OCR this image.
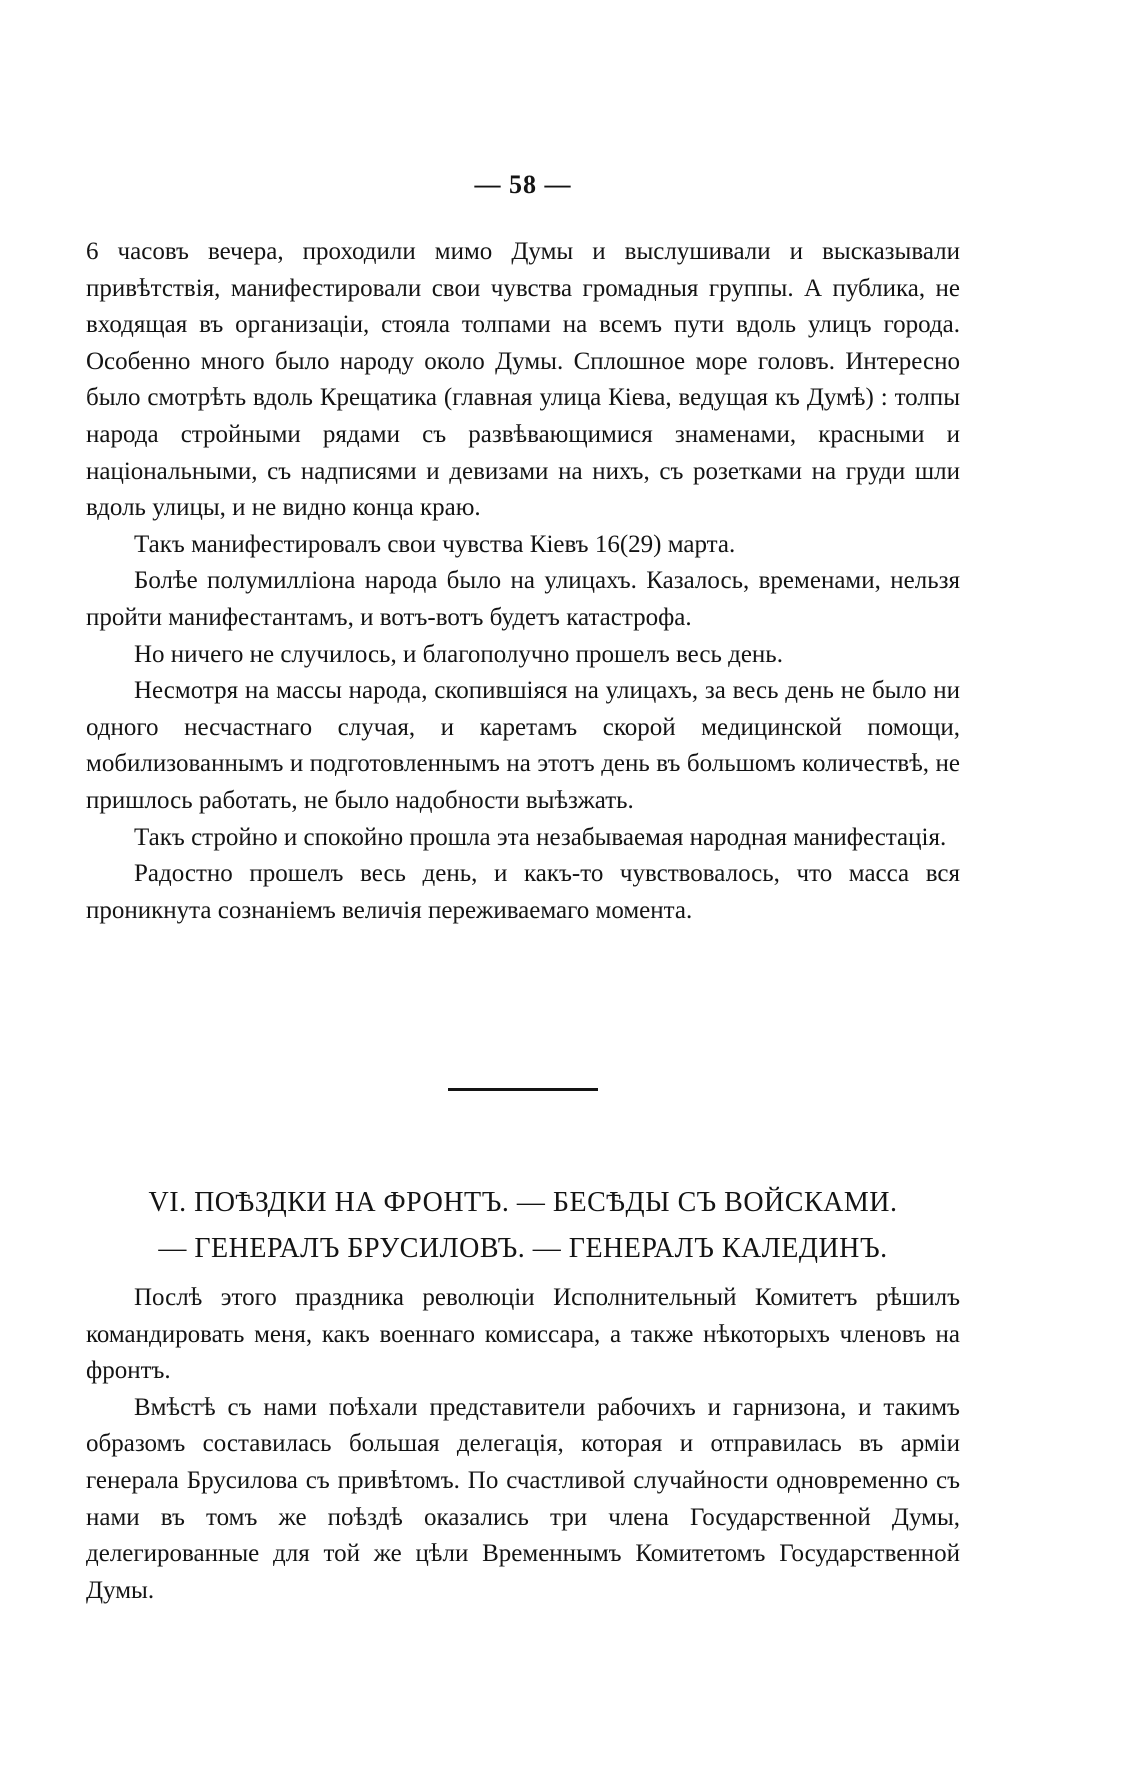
— 58 —

6 часовъ вечера, проходили мимо Думы и выслушивали и высказывали привѣтствія, манифестировали свои чувства громадныя группы. А публика, не входящая въ организаціи, стояла толпами на всемъ пути вдоль улицъ города. Особенно много было народу около Думы. Сплошное море головъ. Интересно было смотрѣть вдоль Крещатика (главная улица Кіева, ведущая къ Думѣ) : толпы народа стройными рядами съ развѣвающимися знаменами, красными и національными, съ надписями и девизами на нихъ, съ розетками на груди шли вдоль улицы, и не видно конца краю.

Такъ манифестировалъ свои чувства Кіевъ 16(29) марта.

Болѣе полумилліона народа было на улицахъ. Казалось, временами, нельзя пройти манифестантамъ, и вотъ-вотъ будетъ катастрофа.

Но ничего не случилось, и благополучно прошелъ весь день.

Несмотря на массы народа, скопившіяся на улицахъ, за весь день не было ни одного несчастнаго случая, и каретамъ скорой медицинской помощи, мобилизованнымъ и подготовленнымъ на этотъ день въ большомъ количествѣ, не пришлось работать, не было надобности выѣзжать.

Такъ стройно и спокойно прошла эта незабываемая народная манифестація.

Радостно прошелъ весь день, и какъ-то чувствовалось, что масса вся проникнута сознаніемъ величія переживаемаго момента.

VI. ПОѢЗДКИ НА ФРОНТЪ. — БЕСѢДЫ СЪ ВОЙСКАМИ.
— ГЕНЕРАЛЪ БРУСИЛОВЪ. — ГЕНЕРАЛЪ КАЛЕДИНЪ.

Послѣ этого праздника революціи Исполнительный Комитетъ рѣшилъ командировать меня, какъ военнаго комиссара, а также нѣкоторыхъ членовъ на фронтъ.

Вмѣстѣ съ нами поѣхали представители рабочихъ и гарнизона, и такимъ образомъ составилась большая делегація, которая и отправилась въ арміи генерала Брусилова съ привѣтомъ. По счастливой случайности одновременно съ нами въ томъ же поѣздѣ оказались три члена Государственной Думы, делегированные для той же цѣли Временнымъ Комитетомъ Государственной Думы.
